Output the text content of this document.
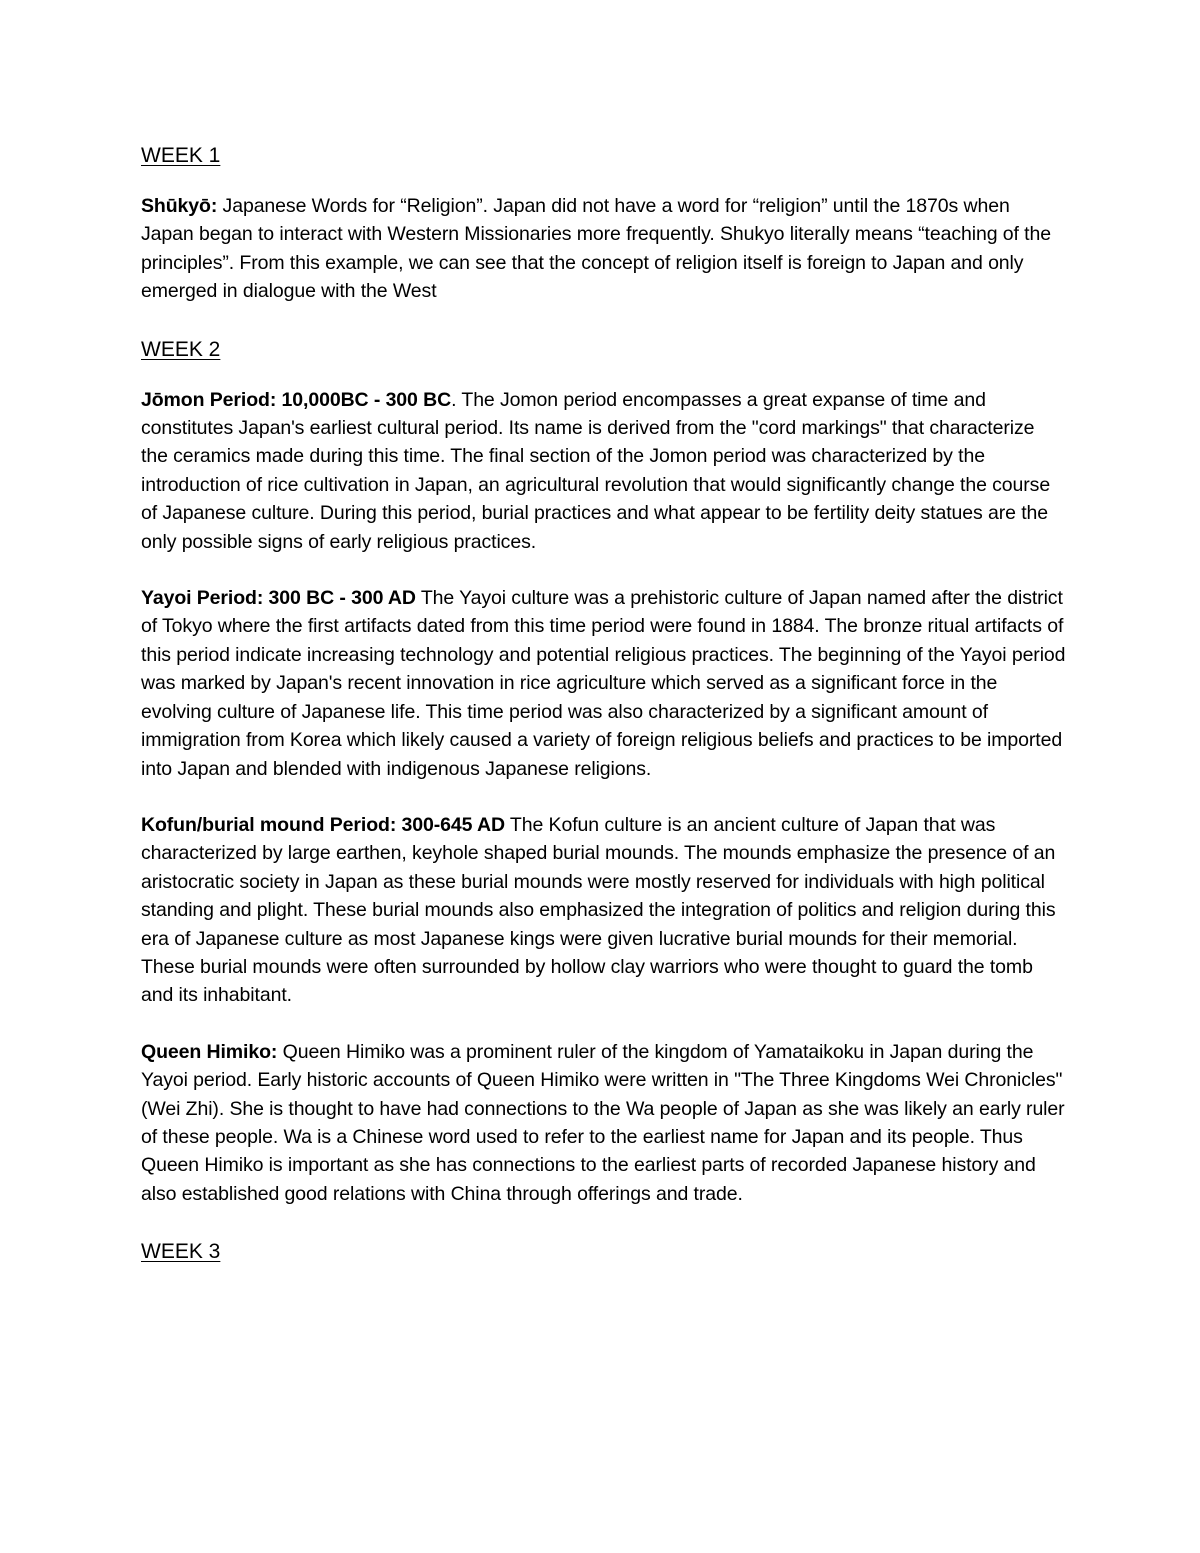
WEEK 1

Shūkyō: Japanese Words for “Religion”. Japan did not have a word for “religion” until the 1870s when Japan began to interact with Western Missionaries more frequently. Shukyo literally means “teaching of the principles”. From this example, we can see that the concept of religion itself is foreign to Japan and only emerged in dialogue with the West

WEEK 2

Jōmon Period: 10,000BC - 300 BC. The Jomon period encompasses a great expanse of time and constitutes Japan's earliest cultural period. Its name is derived from the "cord markings" that characterize the ceramics made during this time. The final section of the Jomon period was characterized by the introduction of rice cultivation in Japan, an agricultural revolution that would significantly change the course of Japanese culture. During this period, burial practices and what appear to be fertility deity statues are the only possible signs of early religious practices.

Yayoi Period: 300 BC - 300 AD The Yayoi culture was a prehistoric culture of Japan named after the district of Tokyo where the first artifacts dated from this time period were found in 1884. The bronze ritual artifacts of this period indicate increasing technology and potential religious practices. The beginning of the Yayoi period was marked by Japan's recent innovation in rice agriculture which served as a significant force in the evolving culture of Japanese life. This time period was also characterized by a significant amount of immigration from Korea which likely caused a variety of foreign religious beliefs and practices to be imported into Japan and blended with indigenous Japanese religions.

Kofun/burial mound Period: 300-645 AD The Kofun culture is an ancient culture of Japan that was characterized by large earthen, keyhole shaped burial mounds. The mounds emphasize the presence of an aristocratic society in Japan as these burial mounds were mostly reserved for individuals with high political standing and plight. These burial mounds also emphasized the integration of politics and religion during this era of Japanese culture as most Japanese kings were given lucrative burial mounds for their memorial. These burial mounds were often surrounded by hollow clay warriors who were thought to guard the tomb and its inhabitant.

Queen Himiko: Queen Himiko was a prominent ruler of the kingdom of Yamataikoku in Japan during the Yayoi period. Early historic accounts of Queen Himiko were written in "The Three Kingdoms Wei Chronicles" (Wei Zhi). She is thought to have had connections to the Wa people of Japan as she was likely an early ruler of these people. Wa is a Chinese word used to refer to the earliest name for Japan and its people. Thus Queen Himiko is important as she has connections to the earliest parts of recorded Japanese history and also established good relations with China through offerings and trade.

WEEK 3
